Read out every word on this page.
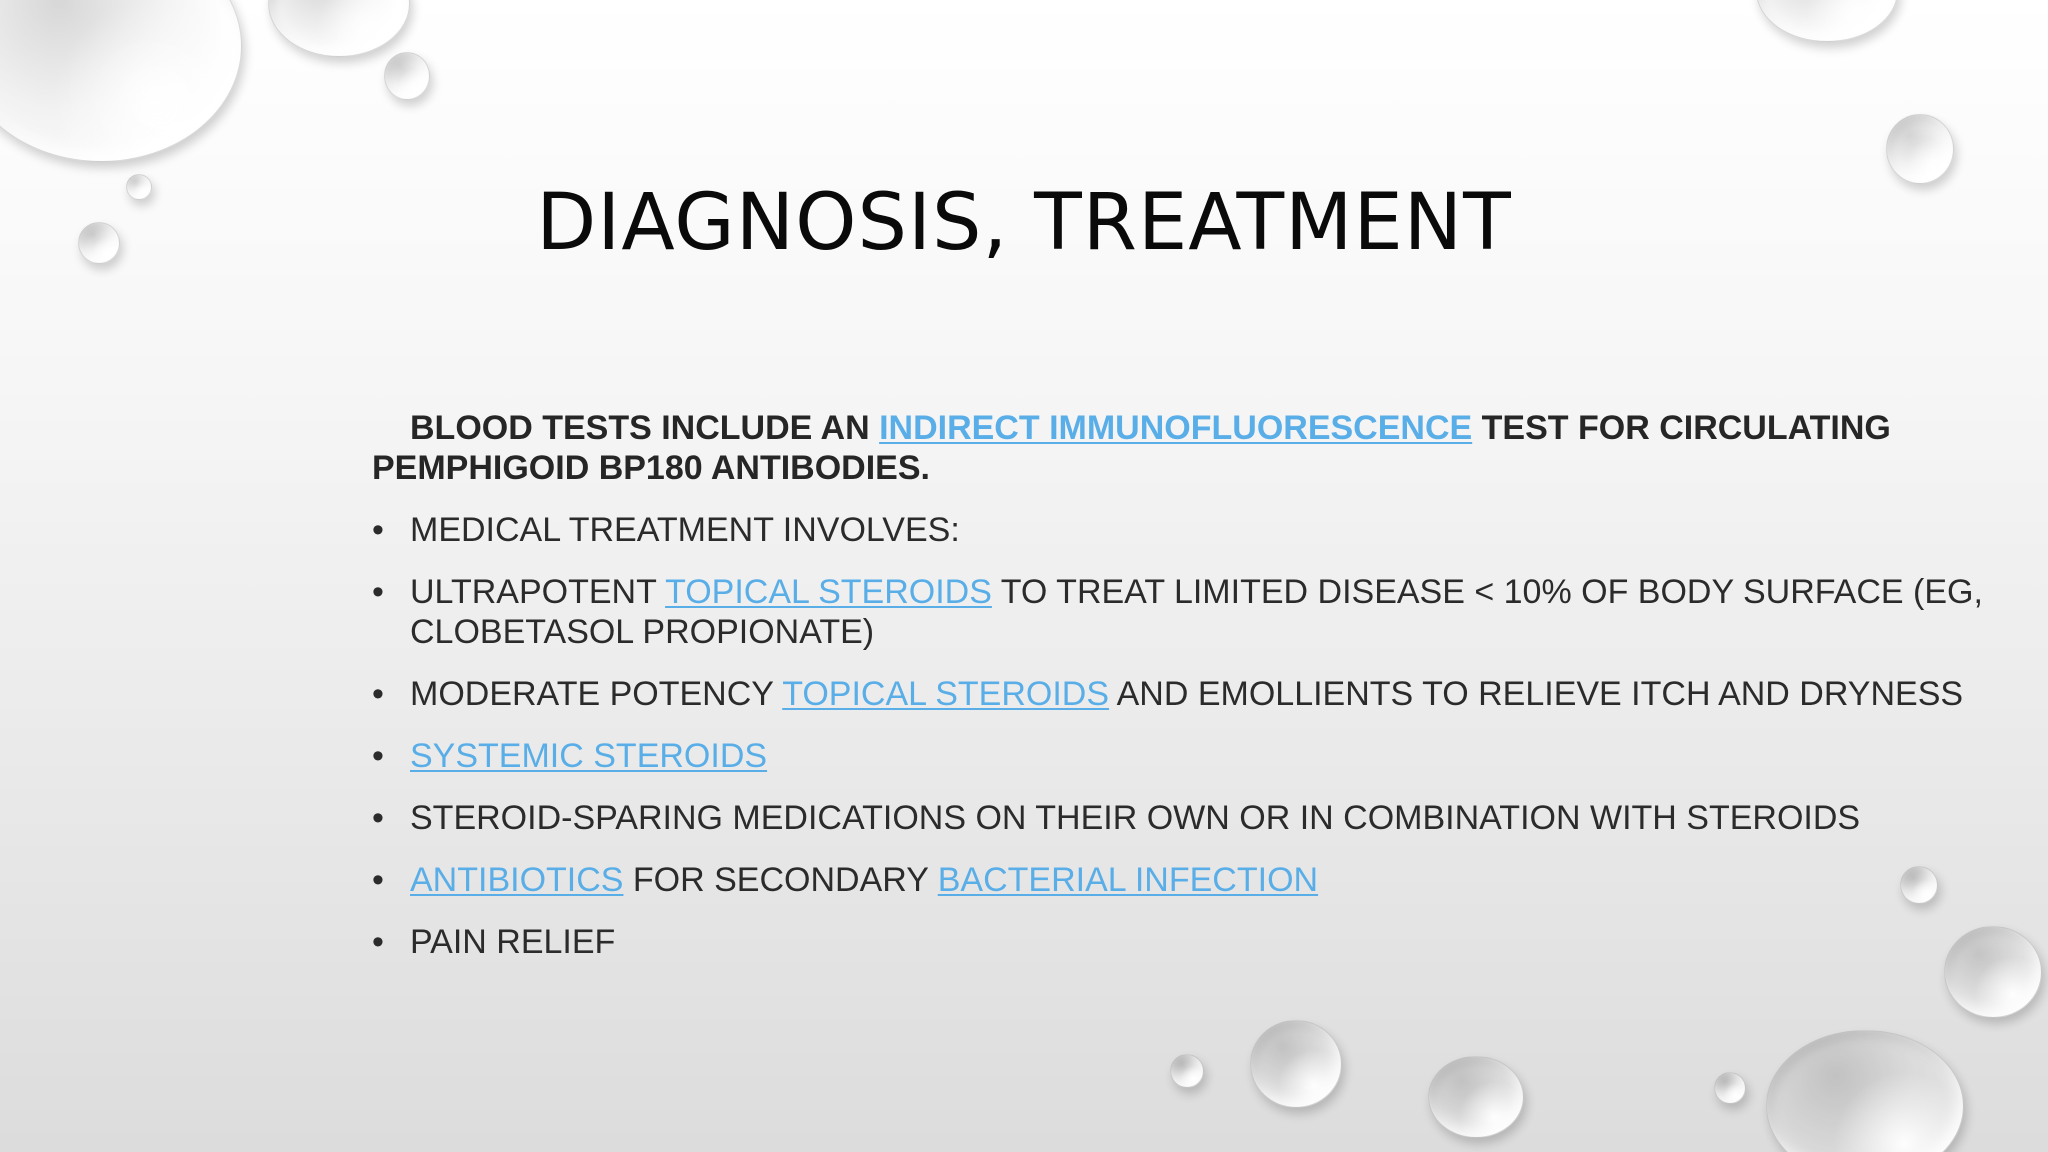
DIAGNOSIS, TREATMENT

BLOOD TESTS INCLUDE AN INDIRECT IMMUNOFLUORESCENCE TEST FOR CIRCULATING PEMPHIGOID BP180 ANTIBODIES.

• MEDICAL TREATMENT INVOLVES:
• ULTRAPOTENT TOPICAL STEROIDS TO TREAT LIMITED DISEASE < 10% OF BODY SURFACE (EG, CLOBETASOL PROPIONATE)
• MODERATE POTENCY TOPICAL STEROIDS AND EMOLLIENTS TO RELIEVE ITCH AND DRYNESS
• SYSTEMIC STEROIDS
• STEROID-SPARING MEDICATIONS ON THEIR OWN OR IN COMBINATION WITH STEROIDS
• ANTIBIOTICS FOR SECONDARY BACTERIAL INFECTION
• PAIN RELIEF
